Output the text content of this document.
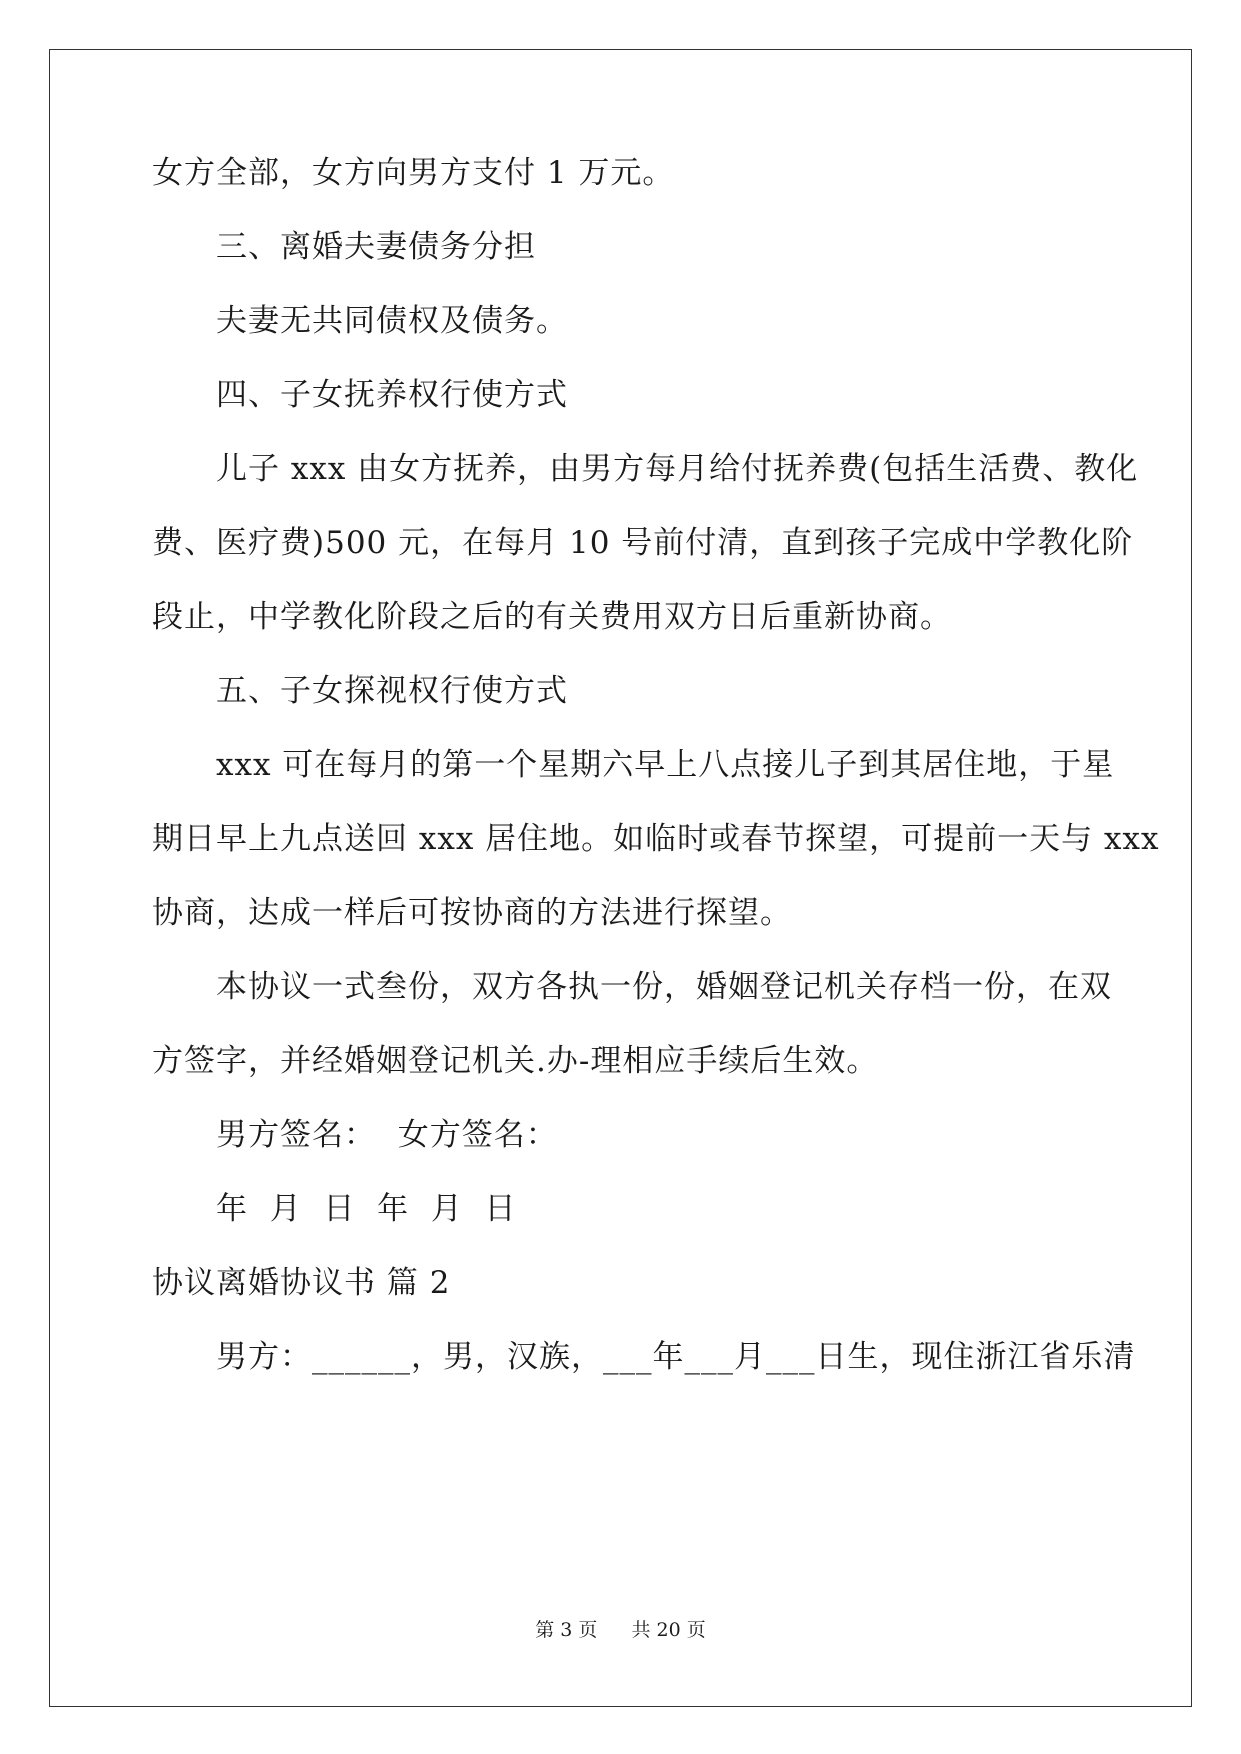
女方全部，女方向男方支付 1 万元。
三、离婚夫妻债务分担
夫妻无共同债权及债务。
四、子女抚养权行使方式
儿子 xxx 由女方抚养，由男方每月给付抚养费(包括生活费、教化
费、医疗费)500 元，在每月 10 号前付清，直到孩子完成中学教化阶
段止，中学教化阶段之后的有关费用双方日后重新协商。
五、子女探视权行使方式
xxx 可在每月的第一个星期六早上八点接儿子到其居住地，于星
期日早上九点送回 xxx 居住地。如临时或春节探望，可提前一天与 xxx
协商，达成一样后可按协商的方法进行探望。
本协议一式叁份，双方各执一份，婚姻登记机关存档一份，在双
方签字，并经婚姻登记机关.办-理相应手续后生效。
男方签名：  女方签名：
年  月  日  年  月  日
协议离婚协议书 篇 2
男方：______，男，汉族，___年___月___日生，现住浙江省乐清
第 3 页 共 20 页
